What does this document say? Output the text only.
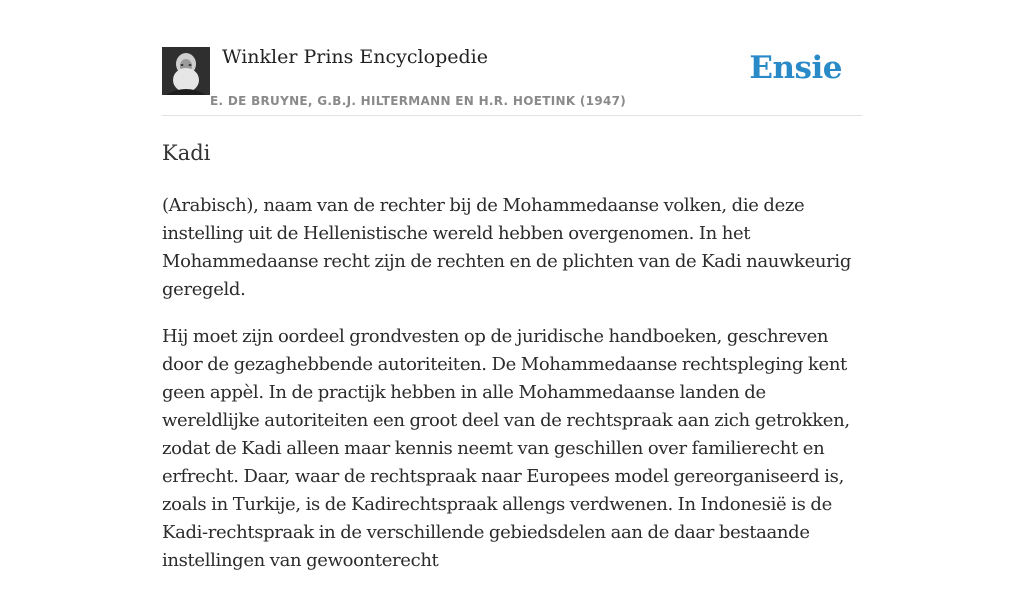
Winkler Prins Encyclopedie
E. DE BRUYNE, G.B.J. HILTERMANN EN H.R. HOETINK (1947)
Ensie
Kadi

(Arabisch), naam van de rechter bij de Mohammedaanse volken, die deze instelling uit de Hellenistische wereld hebben overgenomen. In het Mohammedaanse recht zijn de rechten en de plichten van de Kadi nauwkeurig geregeld.

Hij moet zijn oordeel grondvesten op de juridische handboeken, geschreven door de gezaghebbende autoriteiten. De Mohammedaanse rechtspleging kent geen appèl. In de practijk hebben in alle Mohammedaanse landen de wereldlijke autoriteiten een groot deel van de rechtspraak aan zich getrokken, zodat de Kadi alleen maar kennis neemt van geschillen over familierecht en erfrecht. Daar, waar de rechtspraak naar Europees model gereorganiseerd is, zoals in Turkije, is de Kadirechtspraak allengs verdwenen. In Indonesië is de Kadi-rechtspraak in de verschillende gebiedsdelen aan de daar bestaande instellingen van gewoonterecht
